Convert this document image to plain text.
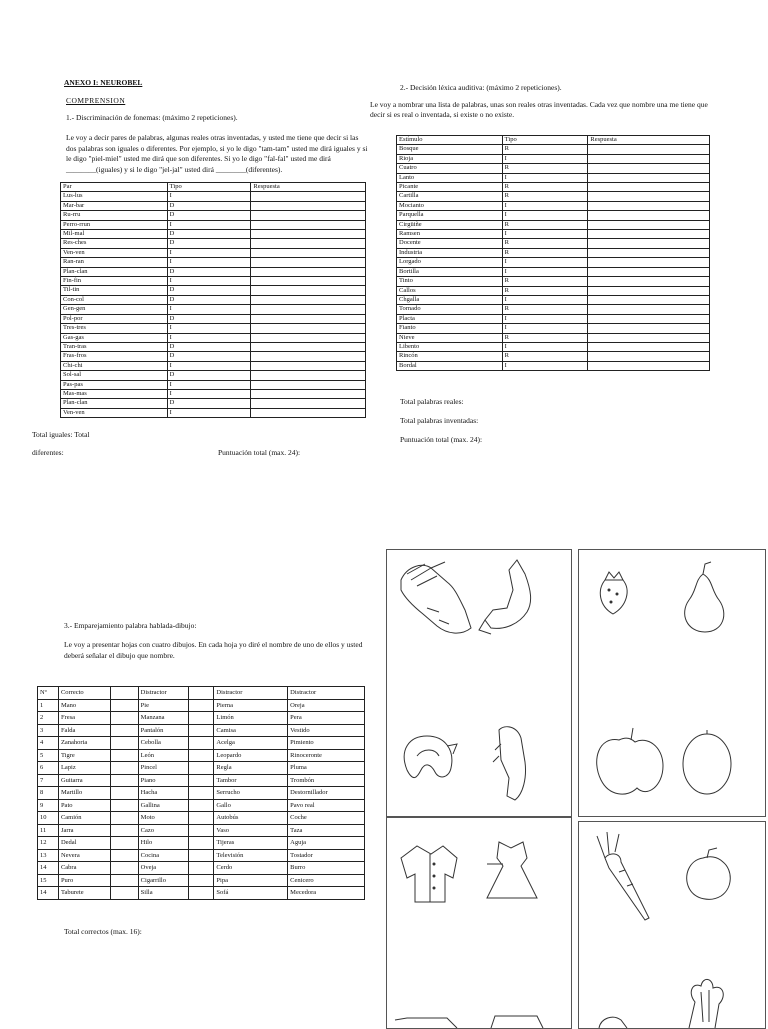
ANEXO I: NEUROBEL
COMPRENSION
1.- Discriminación de fonemas: (máximo 2 repeticiones).
Le voy a decir pares de palabras, algunas reales otras inventadas, y usted me tiene que decir si las dos palabras son iguales o diferentes. Por ejemplo, si yo le digo "tam-tam" usted me dirá iguales y si le digo "piel-miel" usted me dirá que son diferentes. Si yo le digo "fal-fal" usted me dirá ________(iguales) y si le digo "jel-jal" usted dirá ________(diferentes).
Par	Tipo	Respuesta
Lus-lus	I	
Mar-bar	D	
Ru-rru	D	
Perro-rrun	I	
Mil-mal	D	
Res-ches	D	
Ven-ven	I	
Ran-ran	I	
Plan-clan	D	
Fin-fin	I	
Til-tin	D	
Con-col	D	
Gen-gen	I	
Pol-por	D	
Tres-tres	I	
Gas-gas	I	
Tran-tras	D	
Fras-fros	D	
Chi-chi	I	
Sol-sal	D	
Pas-pas	I	
Mas-mas	I	
Plan-clan	D	
Ven-ven	I	
Total iguales: Total
diferentes:	Puntuación total (max. 24):
2.- Decisión léxica auditiva: (máximo 2 repeticiones).
Le voy a nombrar una lista de palabras, unas son reales otras inventadas. Cada vez que nombre una me tiene que decir si es real o inventada, si existe o no existe.
Estímulo	Tipo	Respuesta
Bosque	R	
Rioja	I	
Cuatro	R	
Lanto	I	
Picante	R	
Cartilla	R	
Mocianto	I	
Parquella	I	
Cirgüiñe	R	
Ramsen	I	
Docente	R	
Industria	R	
Lorgado	I	
Bortilla	I	
Tinto	R	
Callos	R	
Chgalla	I	
Tornado	R	
Placta	I	
Fianto	I	
Nieve	R	
Libento	I	
Rincón	R	
Bordal	I	
Total palabras reales:
Total palabras inventadas:
Puntuación total (max. 24):
3.- Emparejamiento palabra hablada-dibujo:
Le voy a presentar hojas con cuatro dibujos. En cada hoja yo diré el nombre de uno de ellos y usted deberá señalar el dibujo que nombre.
Nº	Correcto		Distractor		Distractor	Distractor
1	Mano		Pie		Pierna	Oreja
2	Fresa		Manzana		Limón	Pera
3	Falda		Pantalón		Camisa	Vestido
4	Zanahoria		Cebolla		Acelga	Pimiento
5	Tigre		León		Leopardo	Rinoceronte
6	Lapiz		Pincel		Regla	Pluma
7	Guitarra		Piano		Tambor	Trombón
8	Martillo		Hacha		Serrucho	Destornillador
9	Pato		Gallina		Gallo	Pavo real
10	Camión		Moto		Autobús	Coche
11	Jarra		Cazo		Vaso	Taza
12	Dedal		Hilo		Tijeras	Aguja
13	Nevera		Cocina		Televisión	Tostador
14	Cabra		Oveja		Cerdo	Burro
15	Puro		Cigarrillo		Pipa	Cenicero
14	Taburete		Silla		Sofá	Mecedora
Total correctos (max. 16):
